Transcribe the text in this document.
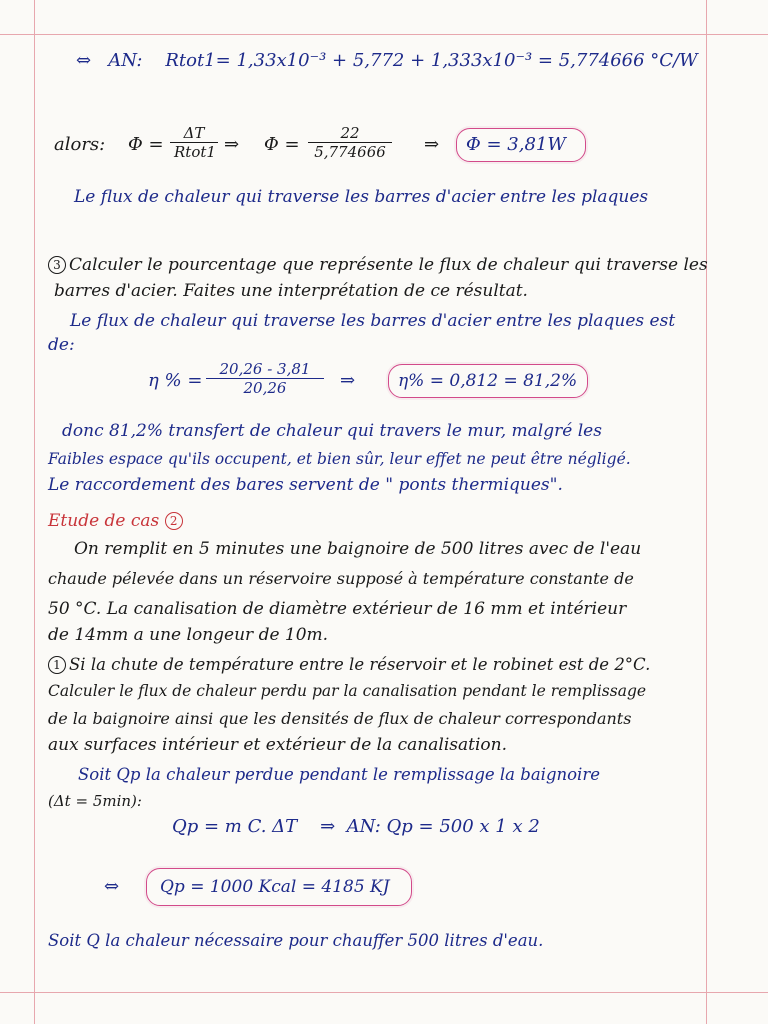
⇔ AN: Rtot1= 1,33x10⁻³ + 5,772 + 1,333x10⁻³ = 5,774666 °C/W
alors: Φ =
ΔT
Rtot1 ⇒ $\Phi = \frac{22}{5,774666}$ ⇒ Φ = 3,81W
Le flux de chaleur qui traverse les barres d'acier entre les plaques
3 Calculer le pourcentage que représente le flux de chaleur qui traverse les
barres d'acier. Faites une interprétation de ce résultat.
Le flux de chaleur qui traverse les barres d'acier entre les plaques est
de:
η % = $\frac{20,26 - 3,81}{20,26}$ ⇒	η% = 0,812 = 81,2%
donc 81,2% transfert de chaleur qui travers le mur, malgré les
Faibles espace qu'ils occupent, et bien sûr, leur effet ne peut être négligé.
Le raccordement des bares servent de " ponts thermiques".
Etude de cas 2
On remplit en 5 minutes une baignoire de 500 litres avec de l'eau
chaude pélevée dans un réservoire supposé à température constante de
50 °C. La canalisation de diamètre extérieur de 16 mm et intérieur
de 14mm a une longeur de 10m.
1 Si la chute de température entre le réservoir et le robinet est de 2°C.
Calculer le flux de chaleur perdu par la canalisation pendant le remplissage
de la baignoire ainsi que les densités de flux de chaleur correspondants
aux surfaces intérieur et extérieur de la canalisation.
Soit Qp la chaleur perdue pendant le remplissage la baignoire
(Δt = 5min):
Qp = m C. ΔT ⇒ AN: Qp = 500 x 1 x 2
⇔ Qp = 1000 Kcal = 4185 KJ
Soit Q la chaleur nécessaire pour chauffer 500 litres d'eau.
